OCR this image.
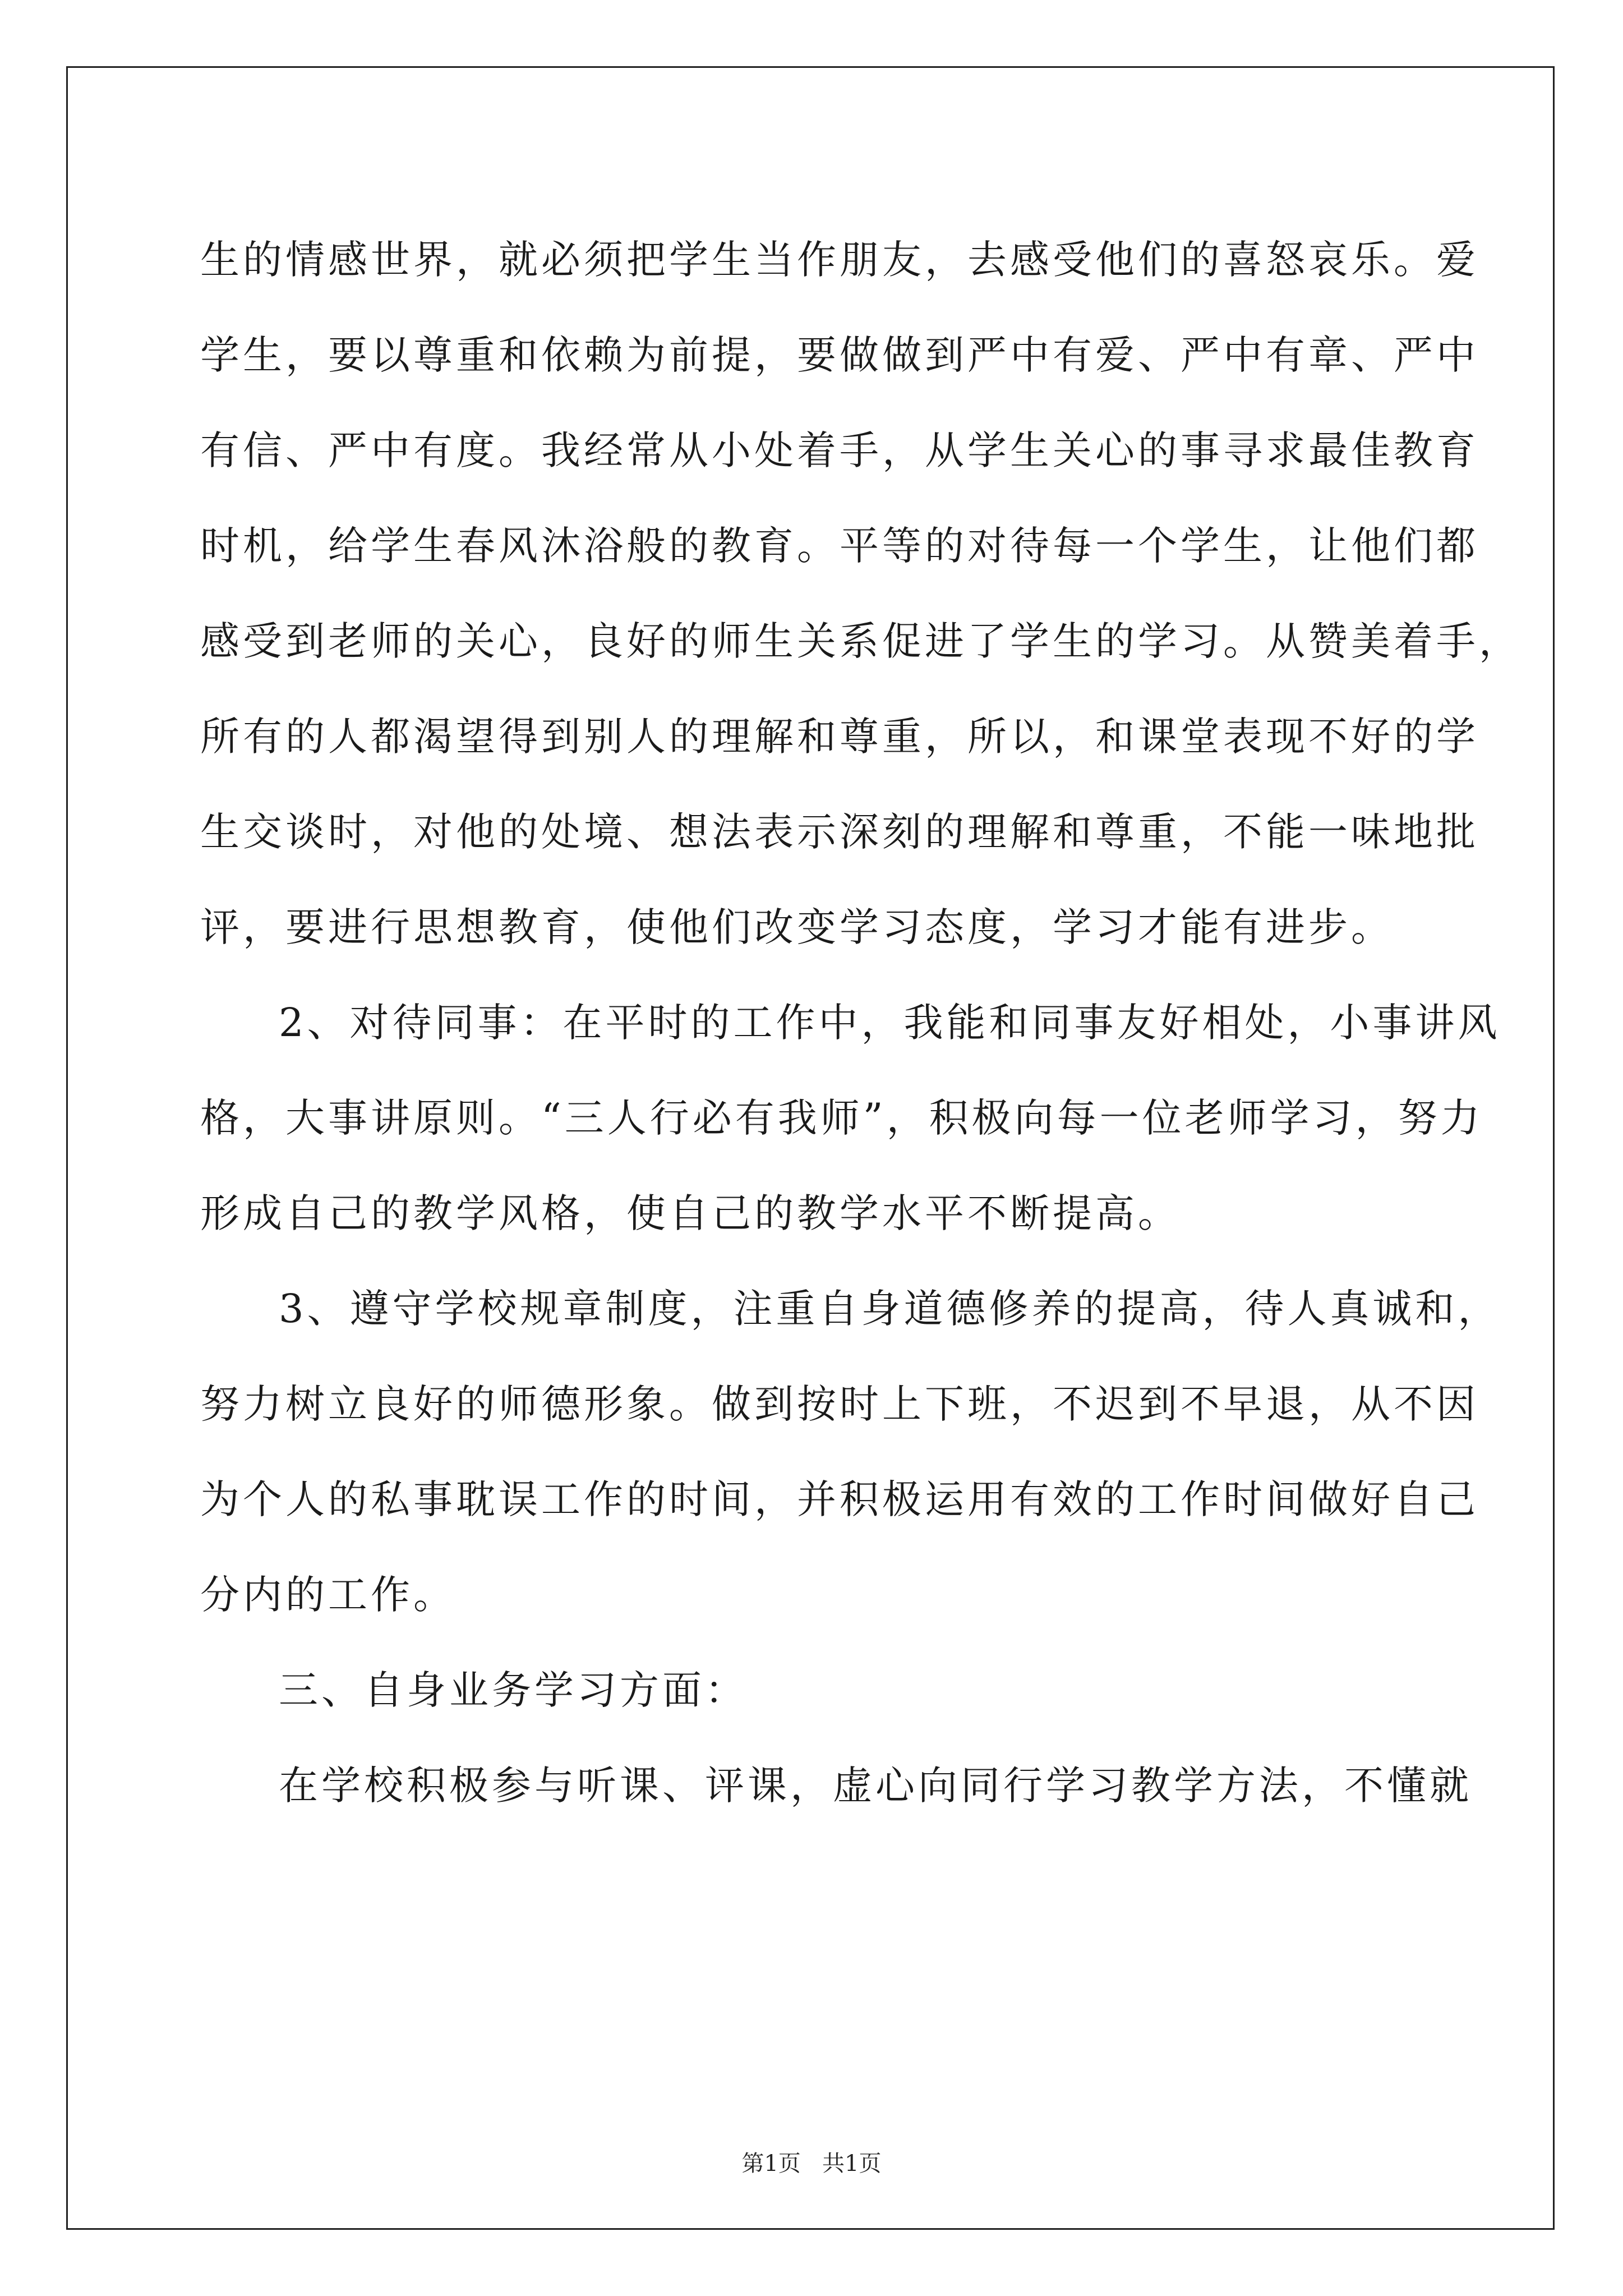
生的情感世界，就必须把学生当作朋友，去感受他们的喜怒哀乐。爱
学生，要以尊重和依赖为前提，要做做到严中有爱、严中有章、严中
有信、严中有度。我经常从小处着手，从学生关心的事寻求最佳教育
时机，给学生春风沐浴般的教育。平等的对待每一个学生，让他们都
感受到老师的关心，良好的师生关系促进了学生的学习。从赞美着手，
所有的人都渴望得到别人的理解和尊重，所以，和课堂表现不好的学
生交谈时，对他的处境、想法表示深刻的理解和尊重，不能一味地批
评，要进行思想教育，使他们改变学习态度，学习才能有进步。
2、对待同事：在平时的工作中，我能和同事友好相处，小事讲风
格，大事讲原则。“三人行必有我师”，积极向每一位老师学习，努力
形成自己的教学风格，使自己的教学水平不断提高。
3、遵守学校规章制度，注重自身道德修养的提高，待人真诚和，
努力树立良好的师德形象。做到按时上下班，不迟到不早退，从不因
为个人的私事耽误工作的时间，并积极运用有效的工作时间做好自己
分内的工作。
三、自身业务学习方面：
在学校积极参与听课、评课，虚心向同行学习教学方法，不懂就
第1页   共1页
